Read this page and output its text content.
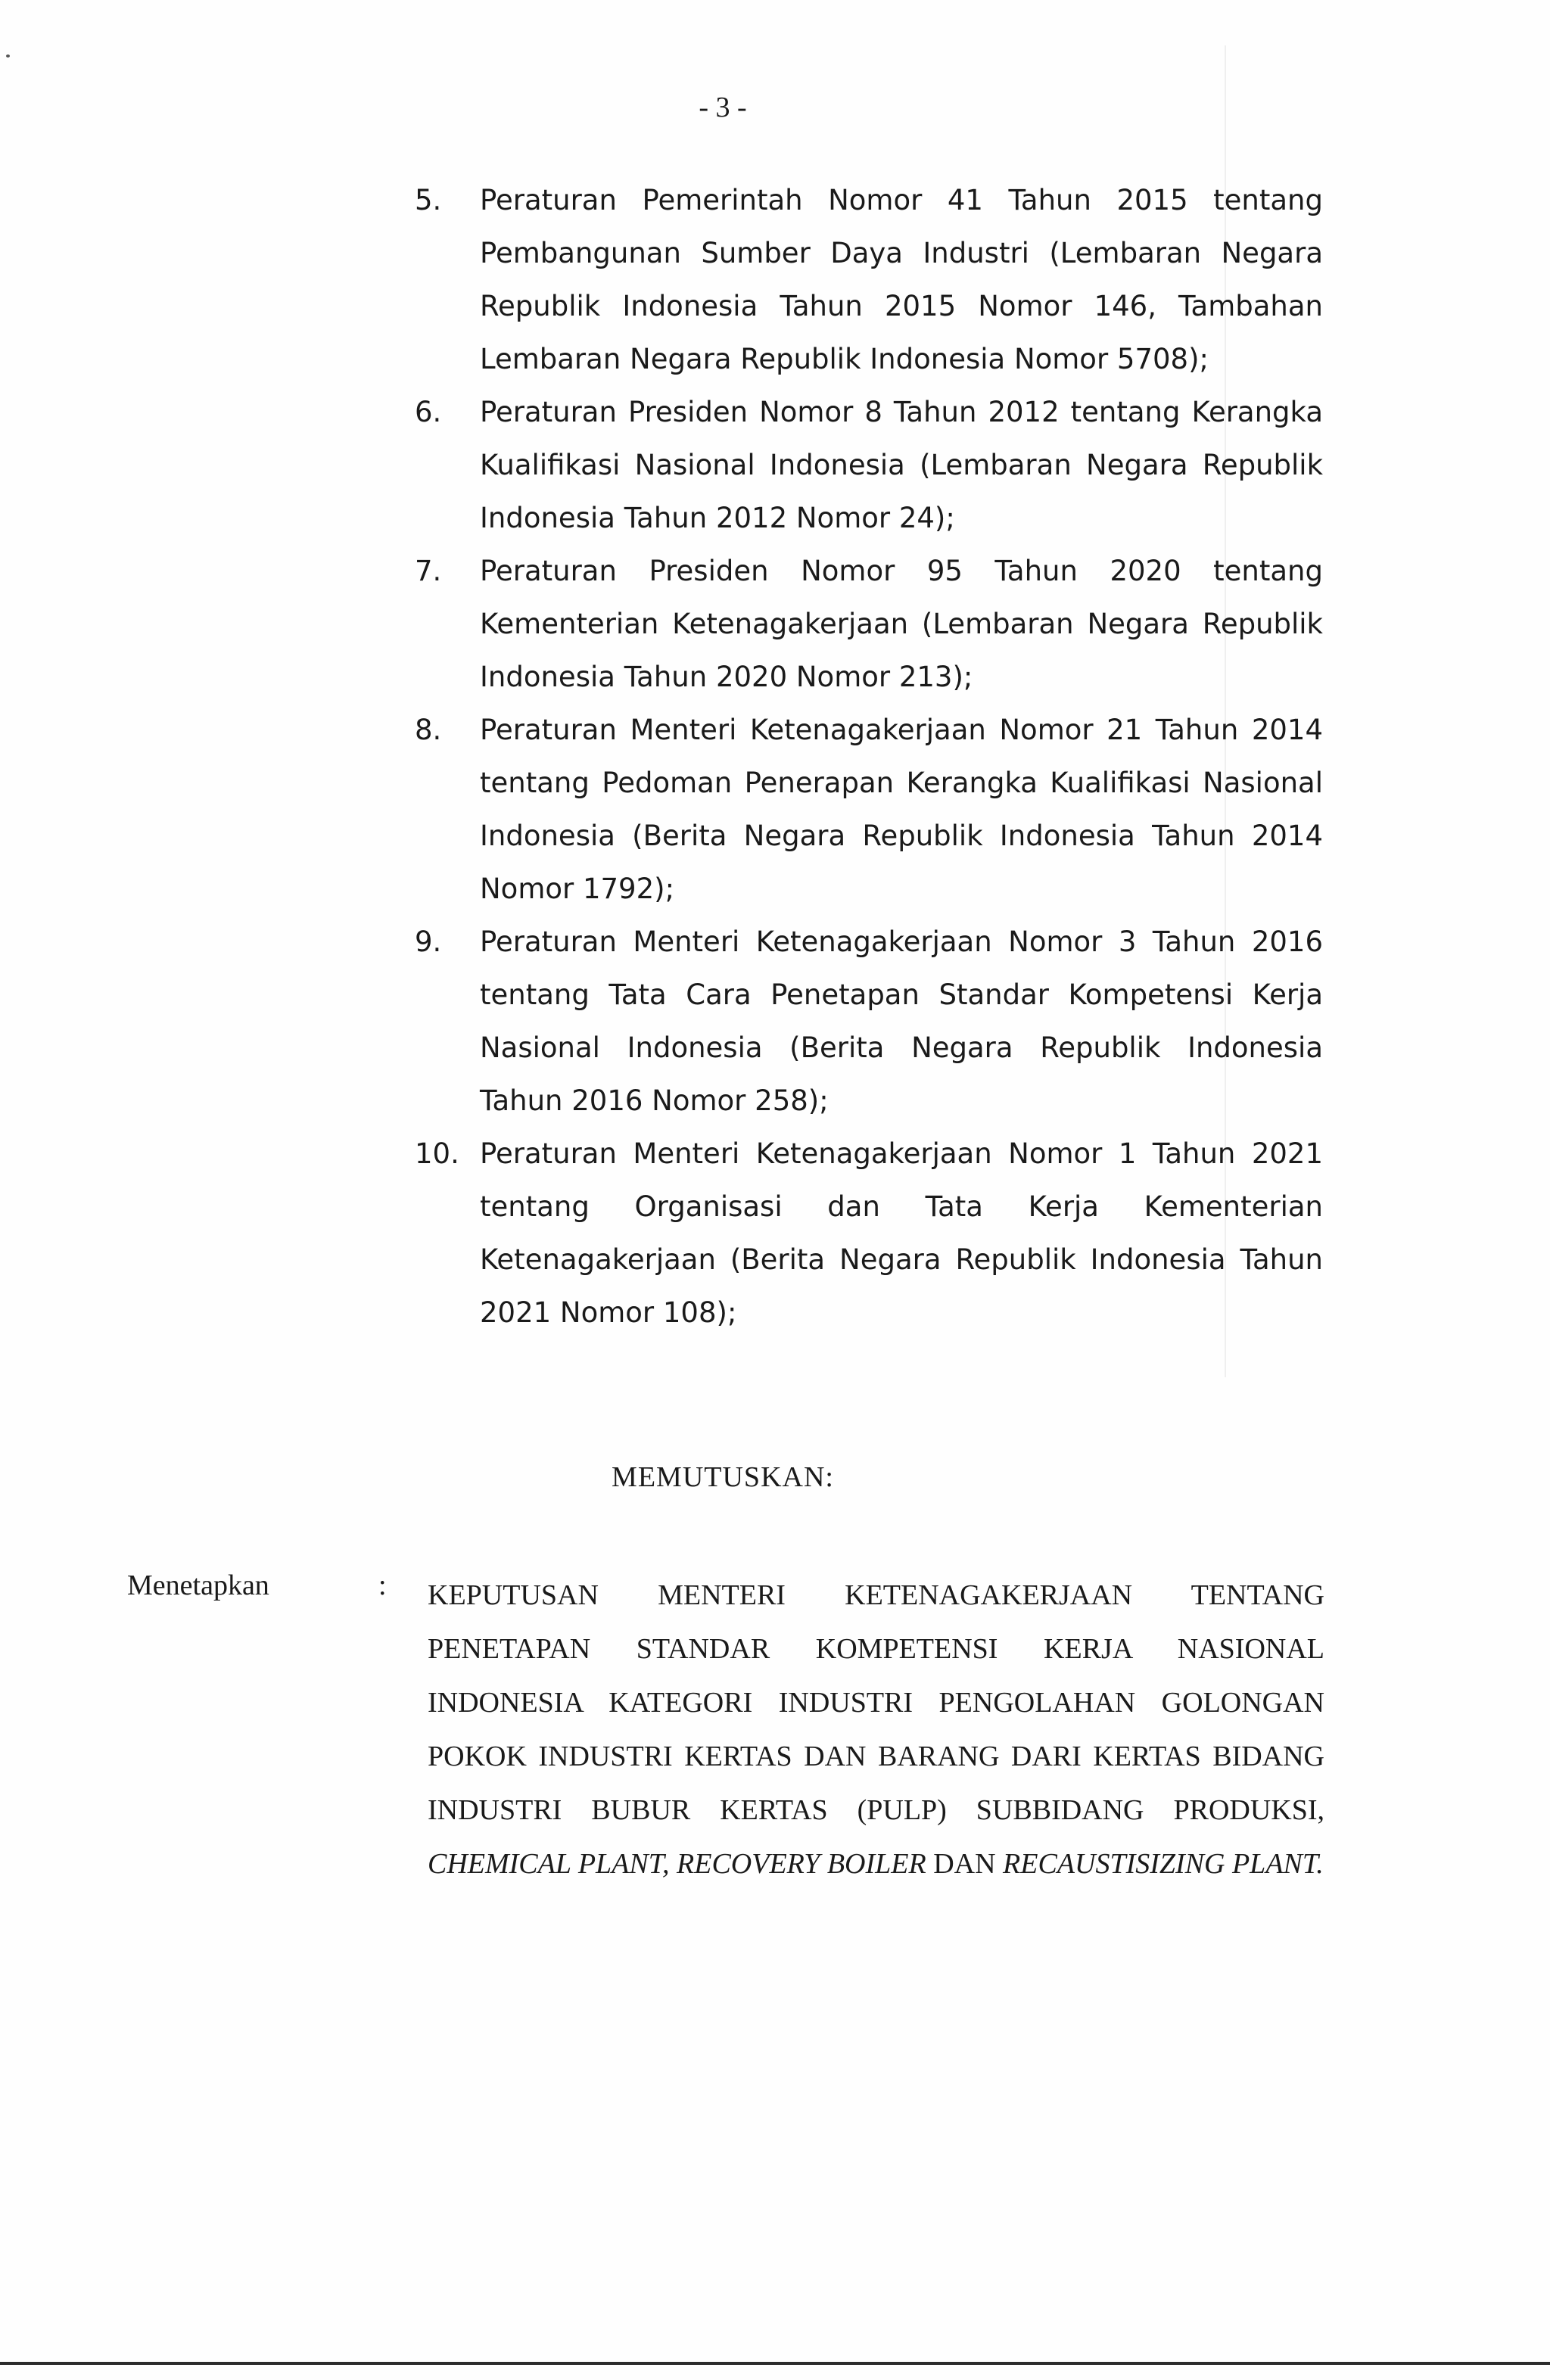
- 3 -
5. Peraturan Pemerintah Nomor 41 Tahun 2015 tentang Pembangunan Sumber Daya Industri (Lembaran Negara Republik Indonesia Tahun 2015 Nomor 146, Tambahan Lembaran Negara Republik Indonesia Nomor 5708);
6. Peraturan Presiden Nomor 8 Tahun 2012 tentang Kerangka Kualifikasi Nasional Indonesia (Lembaran Negara Republik Indonesia Tahun 2012 Nomor 24);
7. Peraturan Presiden Nomor 95 Tahun 2020 tentang Kementerian Ketenagakerjaan (Lembaran Negara Republik Indonesia Tahun 2020 Nomor 213);
8. Peraturan Menteri Ketenagakerjaan Nomor 21 Tahun 2014 tentang Pedoman Penerapan Kerangka Kualifikasi Nasional Indonesia (Berita Negara Republik Indonesia Tahun 2014 Nomor 1792);
9. Peraturan Menteri Ketenagakerjaan Nomor 3 Tahun 2016 tentang Tata Cara Penetapan Standar Kompetensi Kerja Nasional Indonesia (Berita Negara Republik Indonesia Tahun 2016 Nomor 258);
10. Peraturan Menteri Ketenagakerjaan Nomor 1 Tahun 2021 tentang Organisasi dan Tata Kerja Kementerian Ketenagakerjaan (Berita Negara Republik Indonesia Tahun 2021 Nomor 108);
MEMUTUSKAN:
Menetapkan	: KEPUTUSAN MENTERI KETENAGAKERJAAN TENTANG PENETAPAN STANDAR KOMPETENSI KERJA NASIONAL INDONESIA KATEGORI INDUSTRI PENGOLAHAN GOLONGAN POKOK INDUSTRI KERTAS DAN BARANG DARI KERTAS BIDANG INDUSTRI BUBUR KERTAS (PULP) SUBBIDANG PRODUKSI, CHEMICAL PLANT, RECOVERY BOILER DAN RECAUSTISIZING PLANT.
